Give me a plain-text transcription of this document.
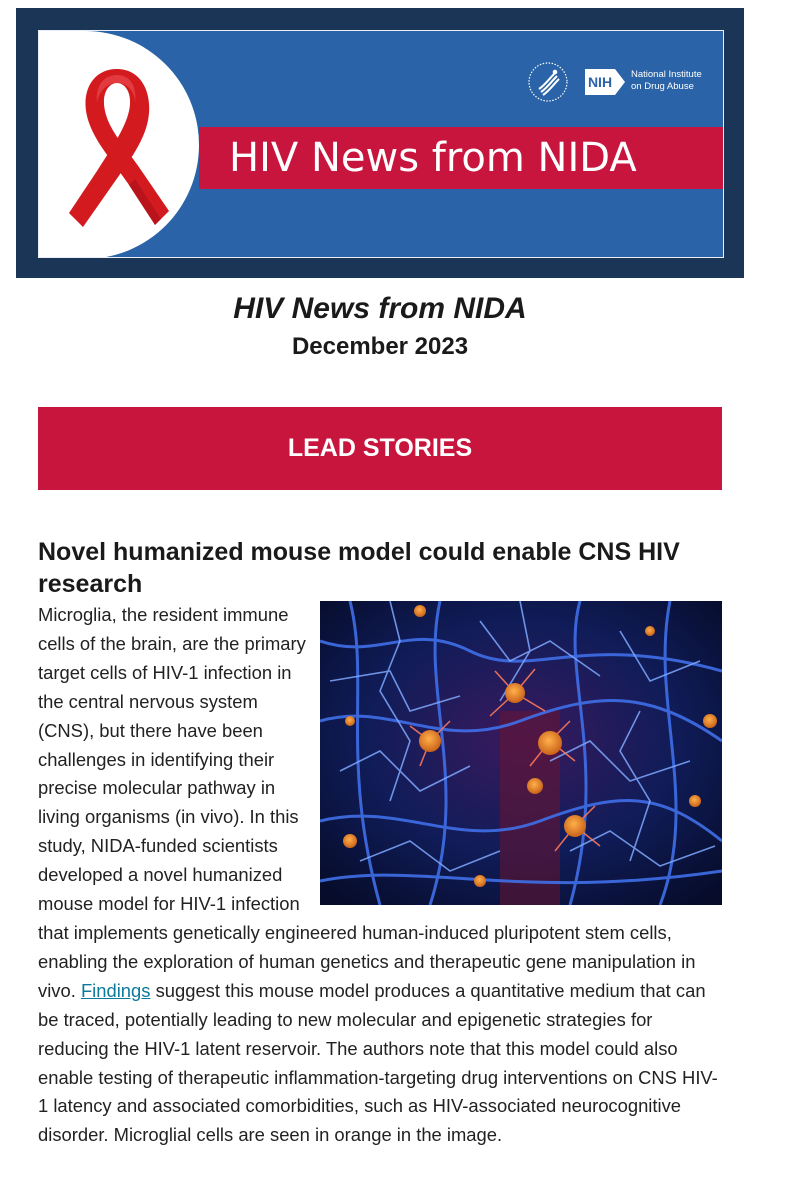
HIV News from NIDA
NIH	National Institute
on Drug Abuse
HIV News from NIDA
December 2023
LEAD STORIES
Novel humanized mouse model could enable CNS HIV research
Microglia, the resident immune cells of the brain, are the primary target cells of HIV-1 infection in the central nervous system (CNS), but there have been challenges in identifying their precise molecular pathway in living organisms (in vivo). In this study, NIDA-funded scientists developed a novel humanized mouse model for HIV-1 infection that implements genetically engineered human-induced pluripotent stem cells, enabling the exploration of human genetics and therapeutic gene manipulation in vivo. Findings suggest this mouse model produces a quantitative medium that can be traced, potentially leading to new molecular and epigenetic strategies for reducing the HIV-1 latent reservoir. The authors note that this model could also enable testing of therapeutic inflammation-targeting drug interventions on CNS HIV-1 latency and associated comorbidities, such as HIV-associated neurocognitive disorder. Microglial cells are seen in orange in the image.
